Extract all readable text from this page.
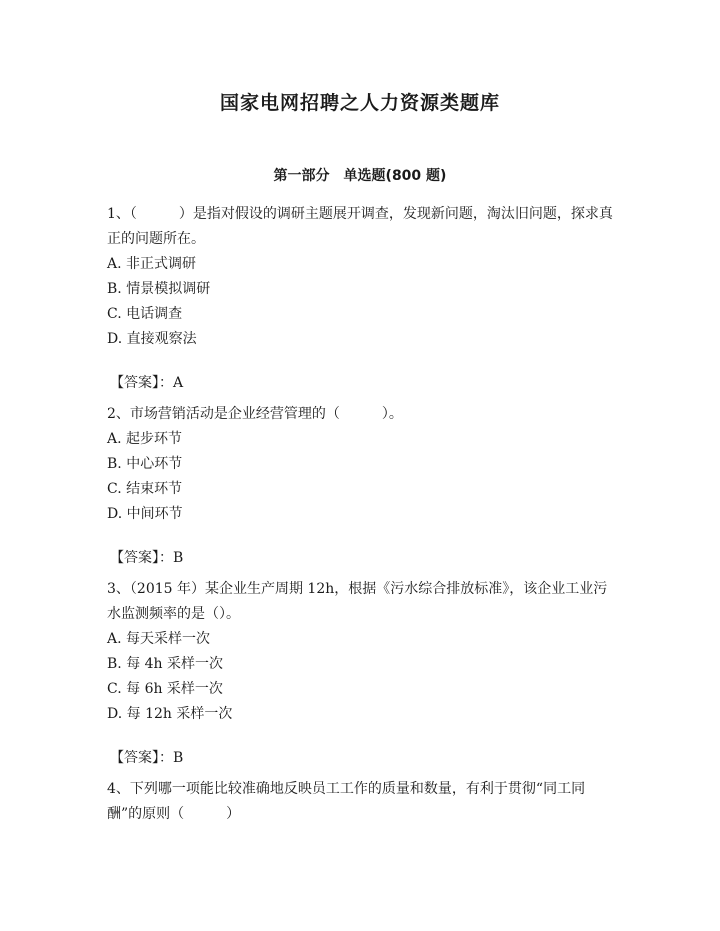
国家电网招聘之人力资源类题库
第一部分　单选题(800 题)

1、（　　　）是指对假设的调研主题展开调查，发现新问题，淘汰旧问题，探求真正的问题所在。

A. 非正式调研

B. 情景模拟调研

C. 电话调查

D. 直接观察法

【答案】：A

2、市场营销活动是企业经营管理的（　　　）。

A. 起步环节

B. 中心环节

C. 结束环节

D. 中间环节

【答案】：B

3、（2015 年）某企业生产周期 12h，根据《污水综合排放标准》，该企业工业污水监测频率的是（）。

A. 每天采样一次

B. 每 4h 采样一次

C. 每 6h 采样一次

D. 每 12h 采样一次

【答案】：B

4、下列哪一项能比较准确地反映员工工作的质量和数量，有利于贯彻“同工同酬”的原则（　　　）
